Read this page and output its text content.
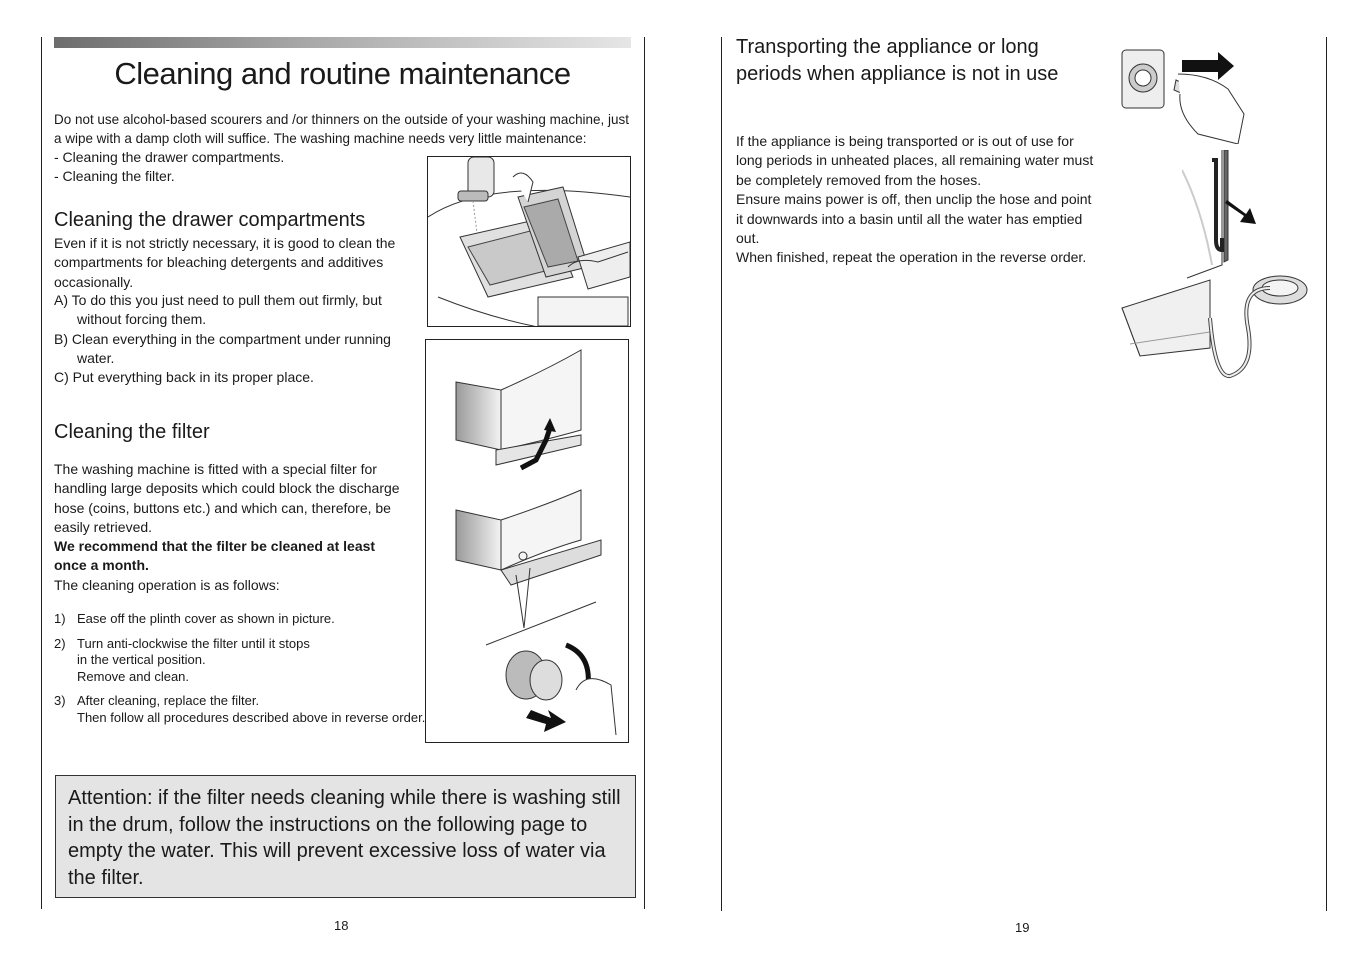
Cleaning and routine maintenance

Do not use alcohol-based scourers and /or thinners on the outside of your washing machine, just a wipe with a damp cloth will suffice. The washing machine needs very little maintenance:

- Cleaning the drawer compartments.
- Cleaning the filter.
Cleaning the drawer compartments

Even if it is not strictly necessary, it is good to clean the compartments for bleaching detergents and additives occasionally.

A) To do this you just need to pull them out firmly, but without forcing them.
B) Clean everything in the compartment under running water.
C) Put everything back in its proper place.
Cleaning the filter

The washing machine is fitted with a special filter for handling large deposits which could block the discharge hose (coins, buttons etc.) and which can, therefore, be easily retrieved.

We recommend that the filter be cleaned at least once a month.

The cleaning operation is as follows:

1) Ease off the plinth cover as shown in picture.
2) Turn anti-clockwise the filter until it stops
in the vertical position.
Remove and clean.
3) After cleaning, replace the filter.
Then follow all procedures described above in reverse order.
Attention: if the filter needs cleaning while there is washing still in the drum, follow the instructions on the following page to empty the water. This will prevent excessive loss of water via the filter.
18
Transporting the appliance or long periods when appliance is not in use

If the appliance is being transported or is out of use for long periods in unheated places, all remaining water must be completely removed from the hoses.

Ensure mains power is off, then unclip the hose and point it downwards into a basin until all the water has emptied out.

When finished, repeat the operation in the reverse order.

19
